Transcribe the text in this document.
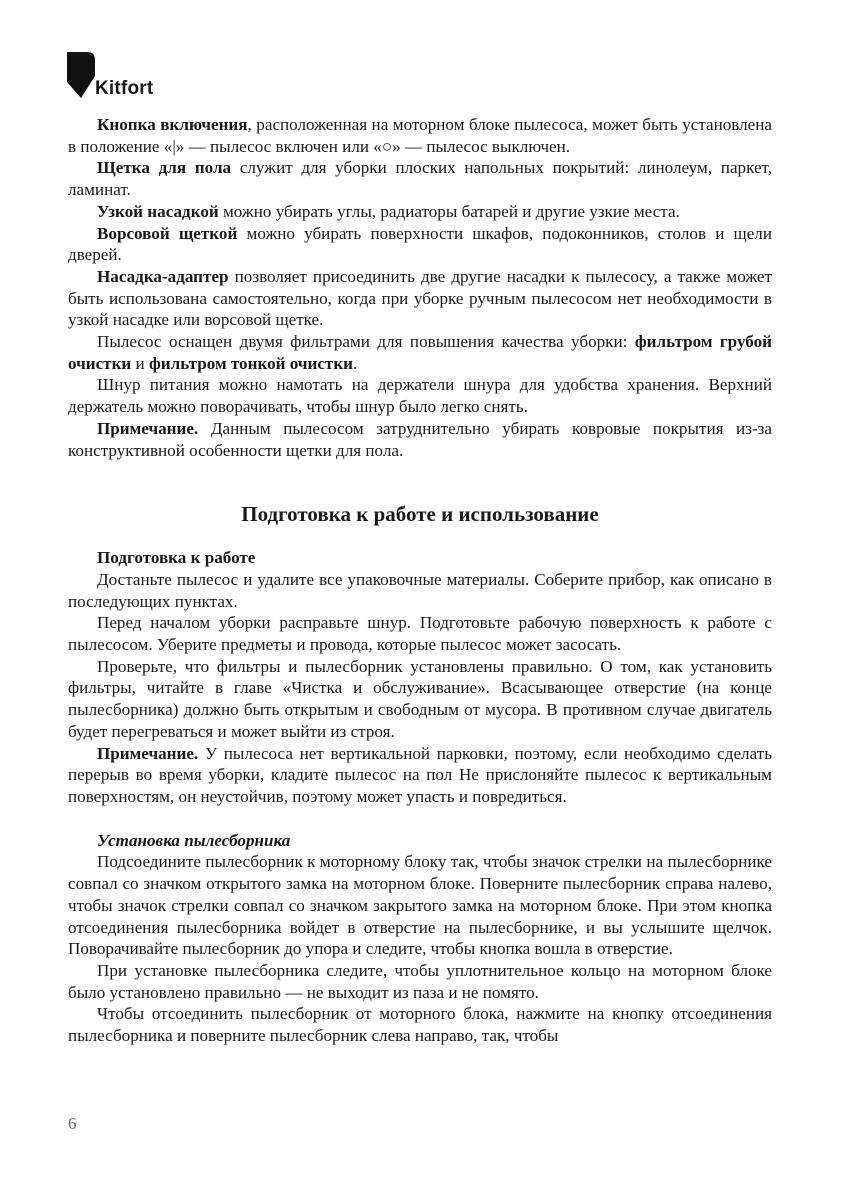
Kitfort

Кнопка включения, расположенная на моторном блоке пылесоса, может быть установлена в положение «|» — пылесос включен или «○» — пылесос выключен.

Щетка для пола служит для уборки плоских напольных покрытий: линолеум, паркет, ламинат.

Узкой насадкой можно убирать углы, радиаторы батарей и другие узкие места.

Ворсовой щеткой можно убирать поверхности шкафов, подоконников, столов и щели дверей.

Насадка-адаптер позволяет присоединить две другие насадки к пылесосу, а также может быть использована самостоятельно, когда при уборке ручным пылесосом нет необходимости в узкой насадке или ворсовой щетке.

Пылесос оснащен двумя фильтрами для повышения качества уборки: фильтром грубой очистки и фильтром тонкой очистки.

Шнур питания можно намотать на держатели шнура для удобства хранения. Верхний держатель можно поворачивать, чтобы шнур было легко снять.

Примечание. Данным пылесосом затруднительно убирать ковровые покрытия из-за конструктивной особенности щетки для пола.

Подготовка к работе и использование

Подготовка к работе

Достаньте пылесос и удалите все упаковочные материалы. Соберите прибор, как описано в последующих пунктах.

Перед началом уборки расправьте шнур. Подготовьте рабочую поверхность к работе с пылесосом. Уберите предметы и провода, которые пылесос может засосать.

Проверьте, что фильтры и пылесборник установлены правильно. О том, как установить фильтры, читайте в главе «Чистка и обслуживание». Всасывающее отверстие (на конце пылесборника) должно быть открытым и свободным от мусора. В противном случае двигатель будет перегреваться и может выйти из строя.

Примечание. У пылесоса нет вертикальной парковки, поэтому, если необходимо сделать перерыв во время уборки, кладите пылесос на пол Не прислоняйте пылесос к вертикальным поверхностям, он неустойчив, поэтому может упасть и повредиться.

Установка пылесборника

Подсоедините пылесборник к моторному блоку так, чтобы значок стрелки на пылесборнике совпал со значком открытого замка на моторном блоке. Поверните пылесборник справа налево, чтобы значок стрелки совпал со значком закрытого замка на моторном блоке. При этом кнопка отсоединения пылесборника войдет в отверстие на пылесборнике, и вы услышите щелчок. Поворачивайте пылесборник до упора и следите, чтобы кнопка вошла в отверстие.

При установке пылесборника следите, чтобы уплотнительное кольцо на моторном блоке было установлено правильно — не выходит из паза и не помято.

Чтобы отсоединить пылесборник от моторного блока, нажмите на кнопку отсоединения пылесборника и поверните пылесборник слева направо, так, чтобы

6
